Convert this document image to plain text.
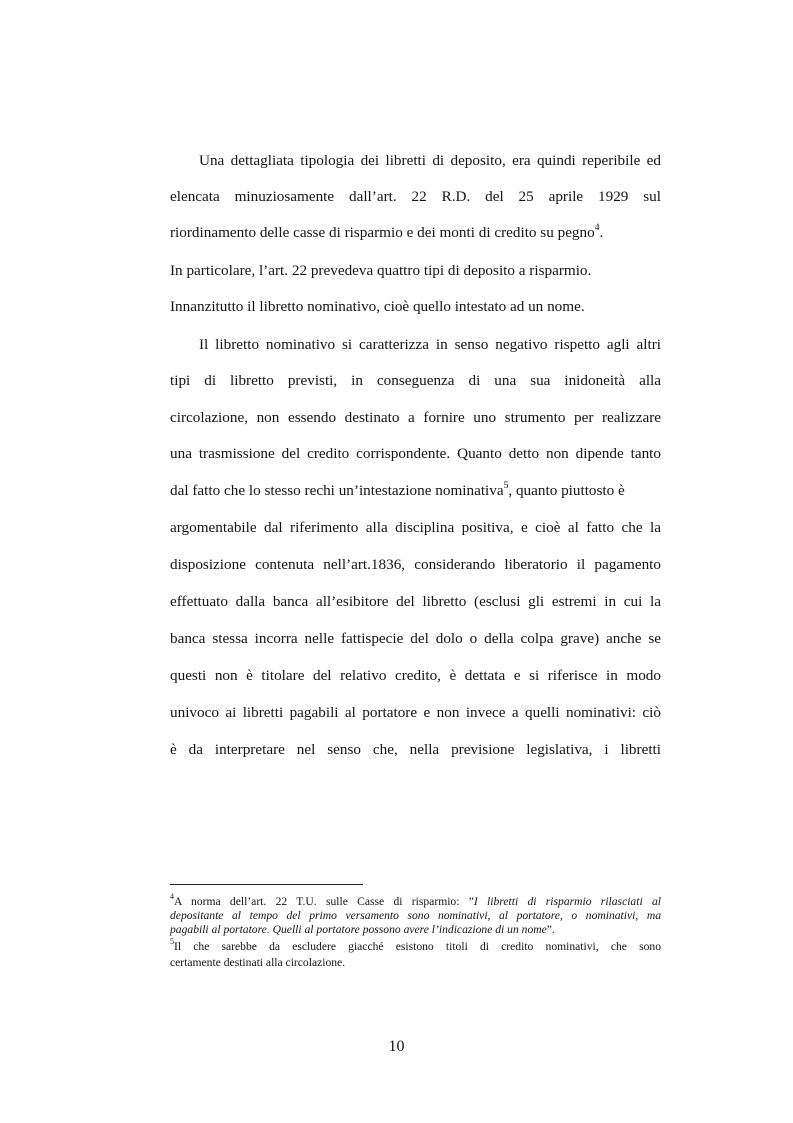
Una dettagliata tipologia dei libretti di deposito, era quindi reperibile ed
elencata minuziosamente dall’art. 22 R.D. del 25 aprile 1929 sul
riordinamento delle casse di risparmio e dei monti di credito su pegno$^4$.
In particolare, l’art. 22 prevedeva quattro tipi di deposito a risparmio.
Innanzitutto il libretto nominativo, cioè quello intestato ad un nome.
Il libretto nominativo si caratterizza in senso negativo rispetto agli altri
tipi di libretto previsti, in conseguenza di una sua inidoneità alla
circolazione, non essendo destinato a fornire uno strumento per realizzare
una trasmissione del credito corrispondente. Quanto detto non dipende tanto
dal fatto che lo stesso rechi un’intestazione nominativa$^5$, quanto piuttosto è
argomentabile dal riferimento alla disciplina positiva, e cioè al fatto che la
disposizione contenuta nell’art.1836, considerando liberatorio il pagamento
effettuato dalla banca all’esibitore del libretto (esclusi gli estremi in cui la
banca stessa incorra nelle fattispecie del dolo o della colpa grave) anche se
questi non è titolare del relativo credito, è dettata e si riferisce in modo
univoco ai libretti pagabili al portatore e non invece a quelli nominativi: ciò
è da interpretare nel senso che, nella previsione legislativa, i libretti
$^4$A norma dell’art. 22 T.U. sulle Casse di risparmio: ”I libretti di risparmio rilasciati al
depositante al tempo del primo versamento sono nominativi, al portatore, o nominativi, ma
pagabili al portatore. Quelli al portatore possono avere l’indicazione di un nome”.
$^5$Il che sarebbe da escludere giacché esistono titoli di credito nominativi, che sono
certamente destinati alla circolazione.
10
